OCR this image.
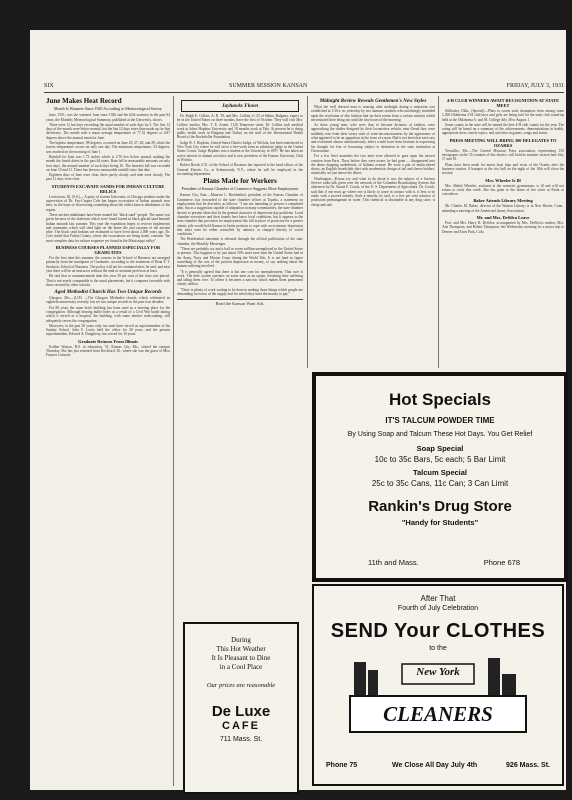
SIX	SUMMER SESSION KANSAN	FRIDAY, JULY 3, 1931
June Makes Heat Record
Month Is Warmest Since 1929 According to Meteorological Survey

June, 1931, was the warmest June since 1926 and the fifth warmest in the past 64 years, the Monthly Meteorological Summary, published at the University, shows.

There were 12 hot days exceeding the usual number of such days by 5. The first 12 days of the month were below normal, but the last 12 days more than made up for that deficiency. The month with a mean average temperature of 77.52 degrees or 4.87 degrees above the normal mean for June.

The highest temperature, 98 degrees, occurred on June 29, 27, 28, and 29, while the lowest temperature occurs on only one day. The minimum temperature, 54 degrees, was reached on the morning of June 1.

Rainfall for June was 1.73 inches which is 2.76 less below normal, making the month the fourth driest in the past 64 years. Rain fell in measurable amounts on only four days, the normal number of such days being 10. The heaviest fall was recorded on June 10 and 11. There has been no measurable rainfall since that date.

Eighteen days of June were clear, three partly cloudy, and nine were cloudy. The past 11 days were clear.

STUDENTS EXCAVATE SANDS FOR INDIAN CULTURE RELICS

Lewistown, Ill. (S.S.)— A party of sixteen University of Chicago students under the supervision of Dr. Fay-Cooper Cole has begun excavation of Indian mounds near here, in the hope of discovering something about the oldest known inhabitants of the region.

These ancient inhabitants have been named the "black sand" people. The name was given because of the skeletons which were found buried in black glacial sand beneath Indian mounds last summer. This year the expedition hopes to recover implements and ornaments which will shed light on the home life and customs of the ancient tribe. The black sand Indians are estimated to have lived about 2,000 years ago. Dr. Cole stated that Fulton County, where the excavations are being made, contains "the most complete data for culture sequence yet found in the Mississippi valley".

BUSINESS COURSES PLANNED ESPECIALLY FOR GRADUATES

For the first time this summer, the courses in the School of Business are arranged primarily from the standpoint of Graduates, according to the statement of Dean F. T. Stockton, School of Business. The policy will not be continued after, he said, and next year there will be an instructor without the rank of assistant professor at least.

He said that at commencement time this year 50 per cent of the class was placed. That is not nearly comparable to the usual placements, but it compares favorable with those secured by other schools.

Aged Methodist Church Has Two Unique Records

Glasgow, Mo.—(U.P.) —The Glasgow Methodist church, which celebrated its eightieth anniversary recently, has set two unique records in the past four decades.

For 80 years the same brick building has been used as a meeting place for the congregation. Although bearing bullet holes as a result of a Civil War battle during which it served as a hospital, the building, with some interior redecorating, still adequately serves the congregation.

Moreover, in the past 50 years only two men have served as superintendent of the Sunday School. John F. Lewis held the office for 40 years, and the present superintendent, Edward A. Dougherty, has served for 10 years.

Graduate Returns From Illinois

Ezilber Watson, B.S. in education, '31, Kansas City, Mo., visited the campus Thursday. She has just returned from Rockford, Ill., where she was the guest of Miss Frances Cornack.

Jayhawks Flown

Dr. Ralph E. Collins, A. B. '19, and Mrs. Collins, fs '25 of Salina, Bulgaria, expect to be in the United States on three months leave the first of October. They will visit Mrs. Collins' mother, Mrs. T. E. Arnett, 1126 Tennessee street. Dr. Collins took medical work at Johns Hopkins University and 18 months work at Yale. At present he is doing public health work in Bulgaria and Turkey on the staff of the International Health Board of the Rockefeller Foundation.

Judge R. J. Hopkins, United States District Judge, of Wichita, has been transferred to New York City where he will serve a five-week term as substitute judge in the United States Courts. Judge Hopkins was a student at the University in 1897. He has taken an active interest in alumni activities and is now president of the Kansas University Club in Wichita.

Robert Booth, b'31, of the School of Business has reported to the head offices of the General Electric Co. at Schenectady, N.Y., where he will be employed in the accounting department.

Plans Made for Workers
President of Kansas Chamber of Commerce Suggests More Employment

Kansas City, Kan.—Maurice L. Breidenthal, president of the Kansas Chamber of Commerce, has forwarded to the state chamber offices at Topeka, a statement on employment that he describes as follows: "I am not intending to present a completed plan, but as a suggestion capable of adaptation in many communities, the state chamber desires to present ideas that fit the general character of depression day problems. Local chamber executives and their boards best know local conditions, but it appears to the state chamber that provision for employment this fall in place of provision for a greater charity pile would hold Kansas in better position to cope with an economic depression that must soon be either controlled by industry or charged directly to social conditions."

The Breidenthal statement is released through the official publication of the state chamber, the Monthly Messenger.

"There are probably six and a half or seven million unemployed in the United States at present. This happens to be just about 50% more men than the United States had in the Army, Navy and Marine Corps during the World War. It is not hard to figure something of the cost of the present depression in money, to say nothing about the human suffering involved.

"It is generally agreed that there is but one cure for unemployment. That cure is work. The dole system operates on some men as an opiate, lessening their suffering and tiding them over. To others it becomes a narcotic which makes them permanent charity addicts.

"There is plenty of work waiting to be done in making those things which people are demanding in excess of the supply and for which they have the money to pay."

Read the Kansan Want Ads.
During
This Hot Weather
It Is Pleasant to Dine
in a Cool Place
Our prices are reasonable
De Luxe
CAFE
711 Mass. St.
Midnight Review Reveals Gentlemen's New Styles

What the well dressed man is wearing after midnight during a rainstorm was established at 1:30 a. m. yesterday by two summer students who unwittingly stumbled upon the revelation of this fashion hint on their return from a certain mission which necessitated their being out until the tiny hours of the morning.

As these young men, who were thus to become dictators of fashion, were approaching the shelter designed by their locomotive vehicle, near Oread they were suddenly torn from their weary state of semi-unconsciousness by the appearance of what appeared to be an apparition in the form of a man. Had it not been that each saw and exclaimed almost simultaneously, either would have been hesitant in expressing his thought for fear of becoming subject to detention in the state institution at Osawatomie.

For a few brief moments the two men were allowed to gaze upon the newest creation from Paris. Then, before they were aware, he had gone — disappeared into the dense dripping underbrush, of Indiana avenue. He wore a pair of multicolored shorts, an English broadcloth shirt with modernistic design of tail and sleeve holders, artistically set just above the elbow.

Washington—Poison ivy and what to do about it was the subject of a Science Service radio talk given over the network of the Columbia Broadcasting System this afternoon by Dr. Austin F. Couch, of the U. S. Department of Agriculture. Dr. Couch, said that if one must go where one is likely to come in contact with it, is best to be ready with a proved remedy. Such a remedy, he said, is a five per cent solution of potassium permanganate in water. This chemical is obtainable at any drug store, is cheap and safe.

4-H CLUB WINNERS AWAIT RECOGNITION AT STATE MEET

Stillwater, Okla., (Special)—Plans to crown state champions from among some 1,300 Oklahoma 4-H club boys and girls are being laid for the state club round-up held at the Oklahoma A. and M. College July 28 to August 1.

Some county in the state will be named the best 4-H club county for the year. The rating will be based on a summary of the achievements, demonstrations in health, appropriate dress, timely topics, and activities in games, songs and stunts.

PRESS MEETING WILL BRING 300 DELEGATES TO OZARKS

Versailles, Mo.—The Central Missouri Press association, representing 150 newspapers in the 35 counties of this district, will hold its summer session here July 17 and 18.

Plans have been made for motor boat trips and visits of the Ozarks after the business session. A banquet at the city hall on the night of the 18th will close the session.

Mrs. Wheeler Is Ill

Mrs. Mabel Wheeler, assistant at the women's gymnasium, is ill and will not return to work this week. She has gone to the home of her sister at Paola to convalesce.

Baker Attends Library Meeting

Mr. Charles M. Baker, director of the Watson Library, is in New Haven, Conn., attending a meeting of the American Library Association.

Mr. and Mrs. DeSilva Leave

Prof. and Mrs. Harry R. DeSilva, accompanied by Mrs. DeSilva's mother, Mrs. Ada Thompson, and Robert Thompson, left Wednesday morning for a motor trip to Denver and Estes Park, Colo.

Hot Specials
IT'S TALCUM POWDER TIME
By Using Soap and Talcum These Hot Days. You Get Relief
Soap Special
10c to 35c Bars, 5c each; 5 Bar Limit
Talcum Special
25c to 35c Cans, 11c Can; 3 Can Limit
Rankin's Drug Store
"Handy for Students"
11th and Mass.	Phone 678
After That
Fourth of July Celebration
SEND Your CLOTHES
to the
New York
CLEANERS
Phone 75	We Close All Day July 4th	926 Mass. St.
